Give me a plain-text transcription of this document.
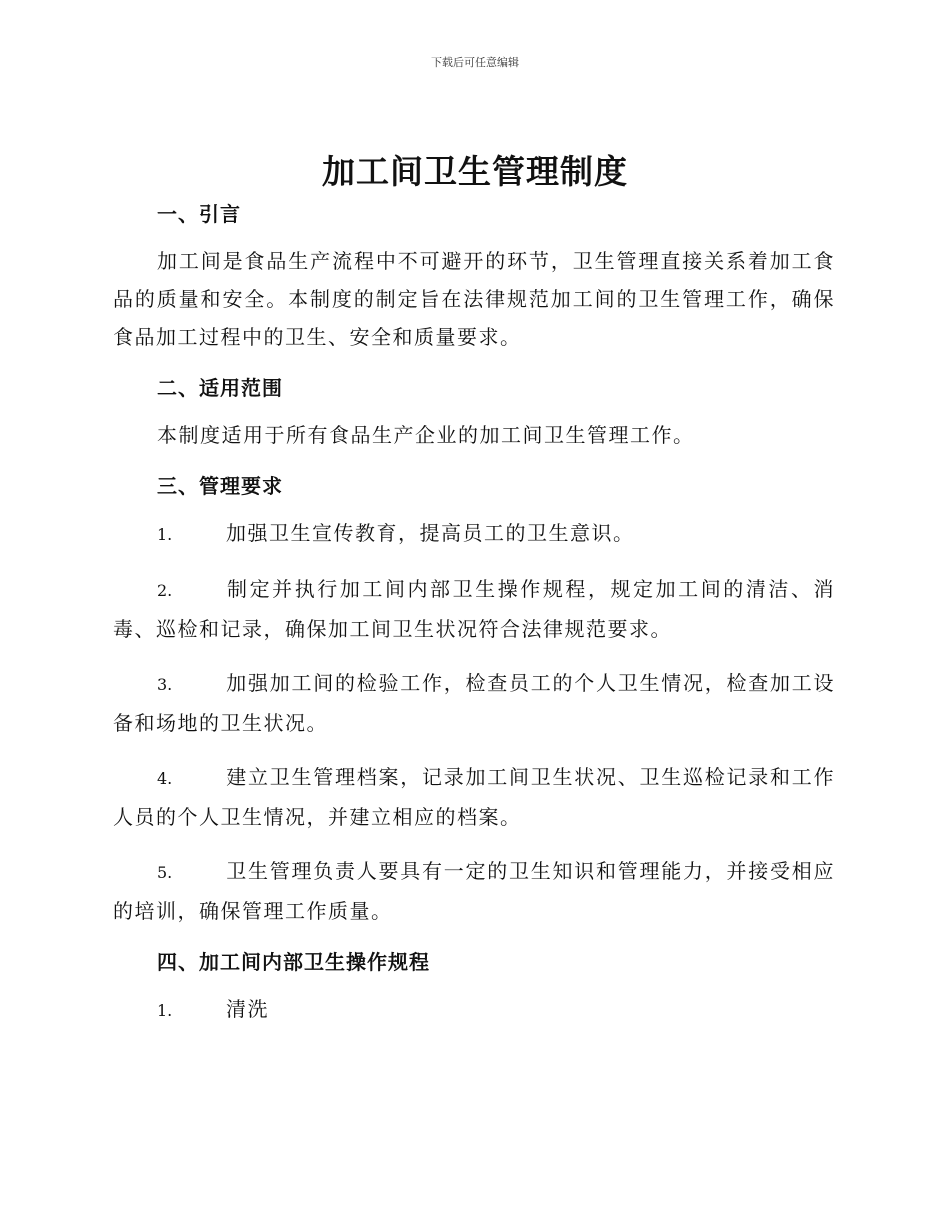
下载后可任意编辑
加工间卫生管理制度
一、引言

加工间是食品生产流程中不可避开的环节，卫生管理直接关系着加工食品的质量和安全。本制度的制定旨在法律规范加工间的卫生管理工作，确保食品加工过程中的卫生、安全和质量要求。

二、适用范围

本制度适用于所有食品生产企业的加工间卫生管理工作。

三、管理要求

1.	加强卫生宣传教育，提高员工的卫生意识。

2.	制定并执行加工间内部卫生操作规程，规定加工间的清洁、消毒、巡检和记录，确保加工间卫生状况符合法律规范要求。

3.	加强加工间的检验工作，检查员工的个人卫生情况，检查加工设备和场地的卫生状况。

4.	建立卫生管理档案，记录加工间卫生状况、卫生巡检记录和工作人员的个人卫生情况，并建立相应的档案。

5.	卫生管理负责人要具有一定的卫生知识和管理能力，并接受相应的培训，确保管理工作质量。

四、加工间内部卫生操作规程

1.	清洗
